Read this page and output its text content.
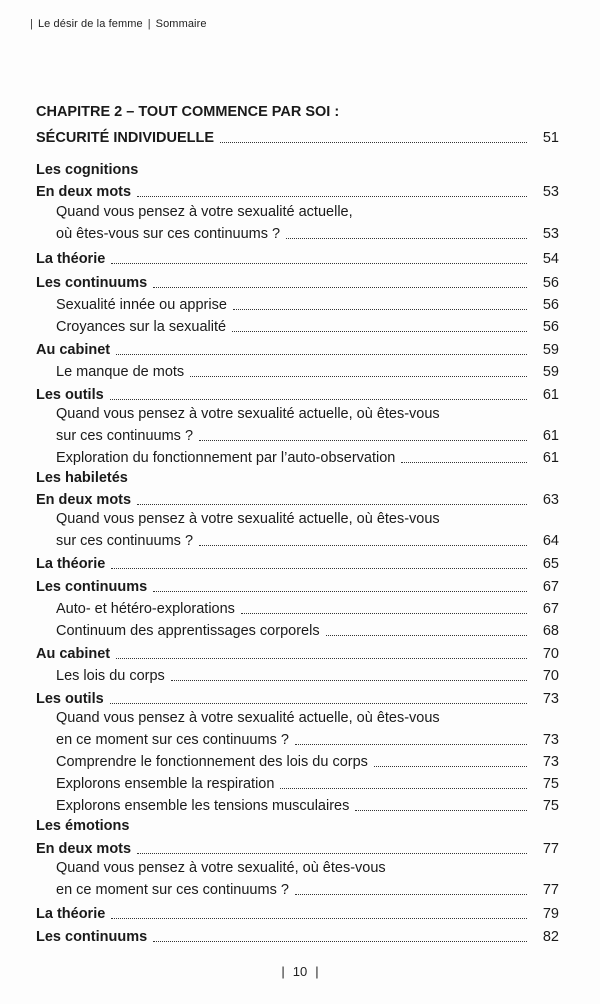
| Le désir de la femme | Sommaire
CHAPITRE 2 – TOUT COMMENCE PAR SOI :
SÉCURITÉ INDIVIDUELLE	51
Les cognitions
En deux mots	53
Quand vous pensez à votre sexualité actuelle,
où êtes-vous sur ces continuums ?	53
La théorie	54
Les continuums	56
Sexualité innée ou apprise	56
Croyances sur la sexualité	56
Au cabinet	59
Le manque de mots	59
Les outils	61
Quand vous pensez à votre sexualité actuelle, où êtes-vous
sur ces continuums ?	61
Exploration du fonctionnement par l’auto-observation	61
Les habiletés
En deux mots	63
Quand vous pensez à votre sexualité actuelle, où êtes-vous
sur ces continuums ?	64
La théorie	65
Les continuums	67
Auto- et hétéro-explorations	67
Continuum des apprentissages corporels	68
Au cabinet	70
Les lois du corps	70
Les outils	73
Quand vous pensez à votre sexualité actuelle, où êtes-vous
en ce moment sur ces continuums ?	73
Comprendre le fonctionnement des lois du corps	73
Explorons ensemble la respiration	75
Explorons ensemble les tensions musculaires	75
Les émotions
En deux mots	77
Quand vous pensez à votre sexualité, où êtes-vous
en ce moment sur ces continuums ?	77
La théorie	79
Les continuums	82
| 10 |
